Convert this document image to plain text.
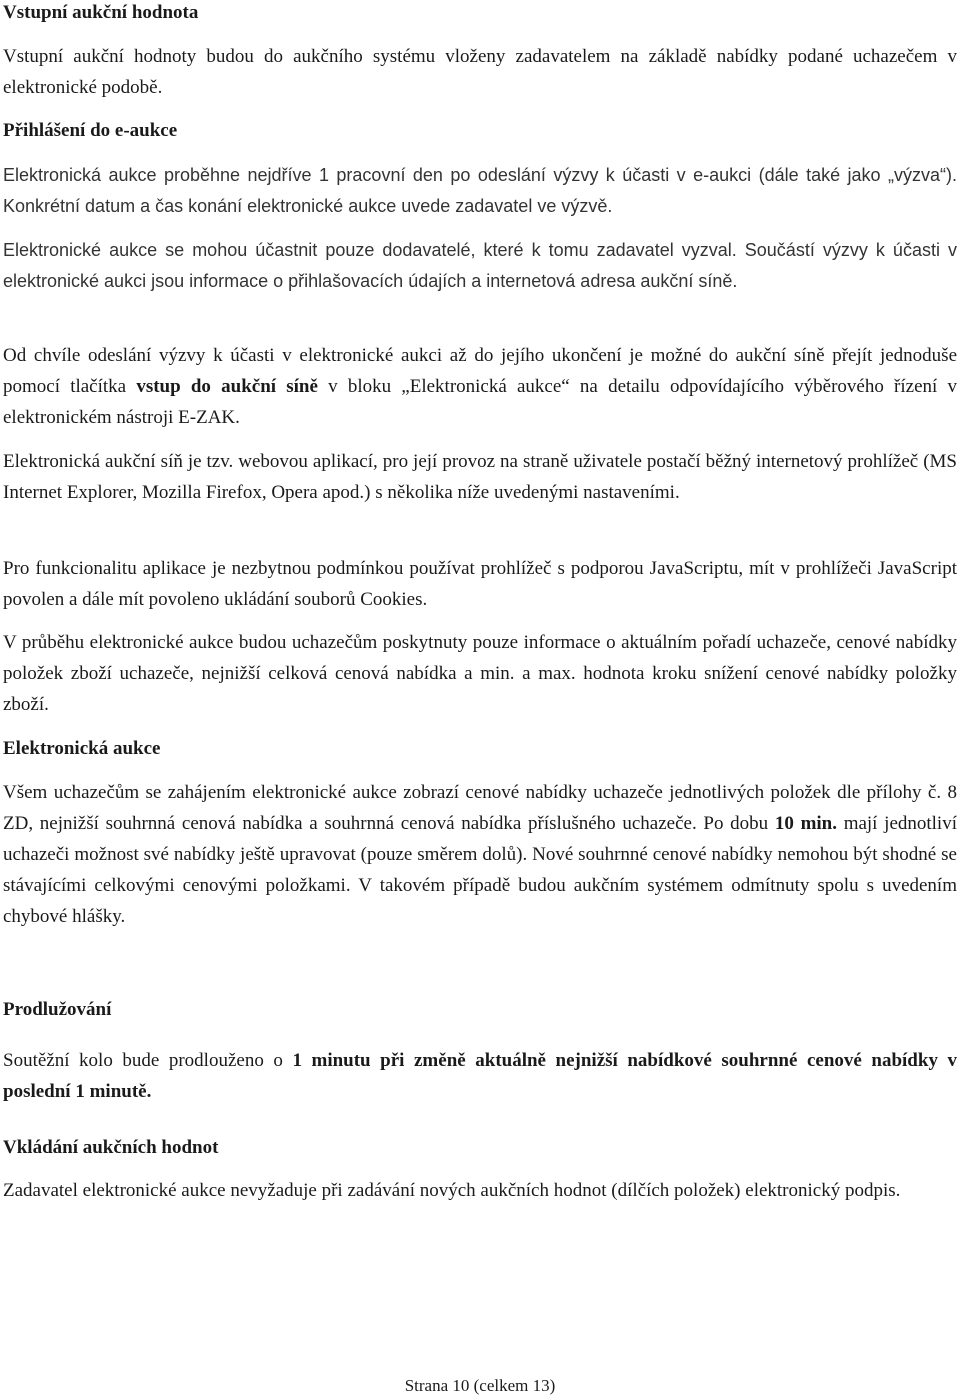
Vstupní aukční hodnota
Vstupní aukční hodnoty budou do aukčního systému vloženy zadavatelem na základě nabídky podané uchazečem v elektronické podobě.
Přihlášení do e-aukce
Elektronická aukce proběhne nejdříve 1 pracovní den po odeslání výzvy k účasti v e-aukci (dále také jako „výzva“). Konkrétní datum a čas konání elektronické aukce uvede zadavatel ve výzvě.
Elektronické aukce se mohou účastnit pouze dodavatelé, které k tomu zadavatel vyzval. Součástí výzvy k účasti v elektronické aukci jsou informace o přihlašovacích údajích a internetová adresa aukční síně.
Od chvíle odeslání výzvy k účasti v elektronické aukci až do jejího ukončení je možné do aukční síně přejít jednoduše pomocí tlačítka vstup do aukční síně v bloku „Elektronická aukce“ na detailu odpovídajícího výběrového řízení v elektronickém nástroji E-ZAK.
Elektronická aukční síň je tzv. webovou aplikací, pro její provoz na straně uživatele postačí běžný internetový prohlížeč (MS Internet Explorer, Mozilla Firefox, Opera apod.) s několika níže uvedenými nastaveními.
Pro funkcionalitu aplikace je nezbytnou podmínkou používat prohlížeč s podporou JavaScriptu, mít v prohlížeči JavaScript povolen a dále mít povoleno ukládání souborů Cookies.
V průběhu elektronické aukce budou uchazečům poskytnuty pouze informace o aktuálním pořadí uchazeče, cenové nabídky položek zboží uchazeče, nejnižší celková cenová nabídka a min. a max. hodnota kroku snížení cenové nabídky položky zboží.
Elektronická aukce
Všem uchazečům se zahájením elektronické aukce zobrazí cenové nabídky uchazeče jednotlivých položek dle přílohy č. 8 ZD, nejnižší souhrnná cenová nabídka a souhrnná cenová nabídka příslušného uchazeče. Po dobu 10 min. mají jednotliví uchazeči možnost své nabídky ještě upravovat (pouze směrem dolů). Nové souhrnné cenové nabídky nemohou být shodné se stávajícími celkovými cenovými položkami. V takovém případě budou aukčním systémem odmítnuty spolu s uvedením chybové hlášky.
Prodlužování
Soutěžní kolo bude prodlouženo o 1 minutu při změně aktuálně nejnižší nabídkové souhrnné cenové nabídky v poslední 1 minutě.
Vkládání aukčních hodnot
Zadavatel elektronické aukce nevyžaduje při zadávání nových aukčních hodnot (dílčích položek) elektronický podpis.
Strana 10 (celkem 13)
